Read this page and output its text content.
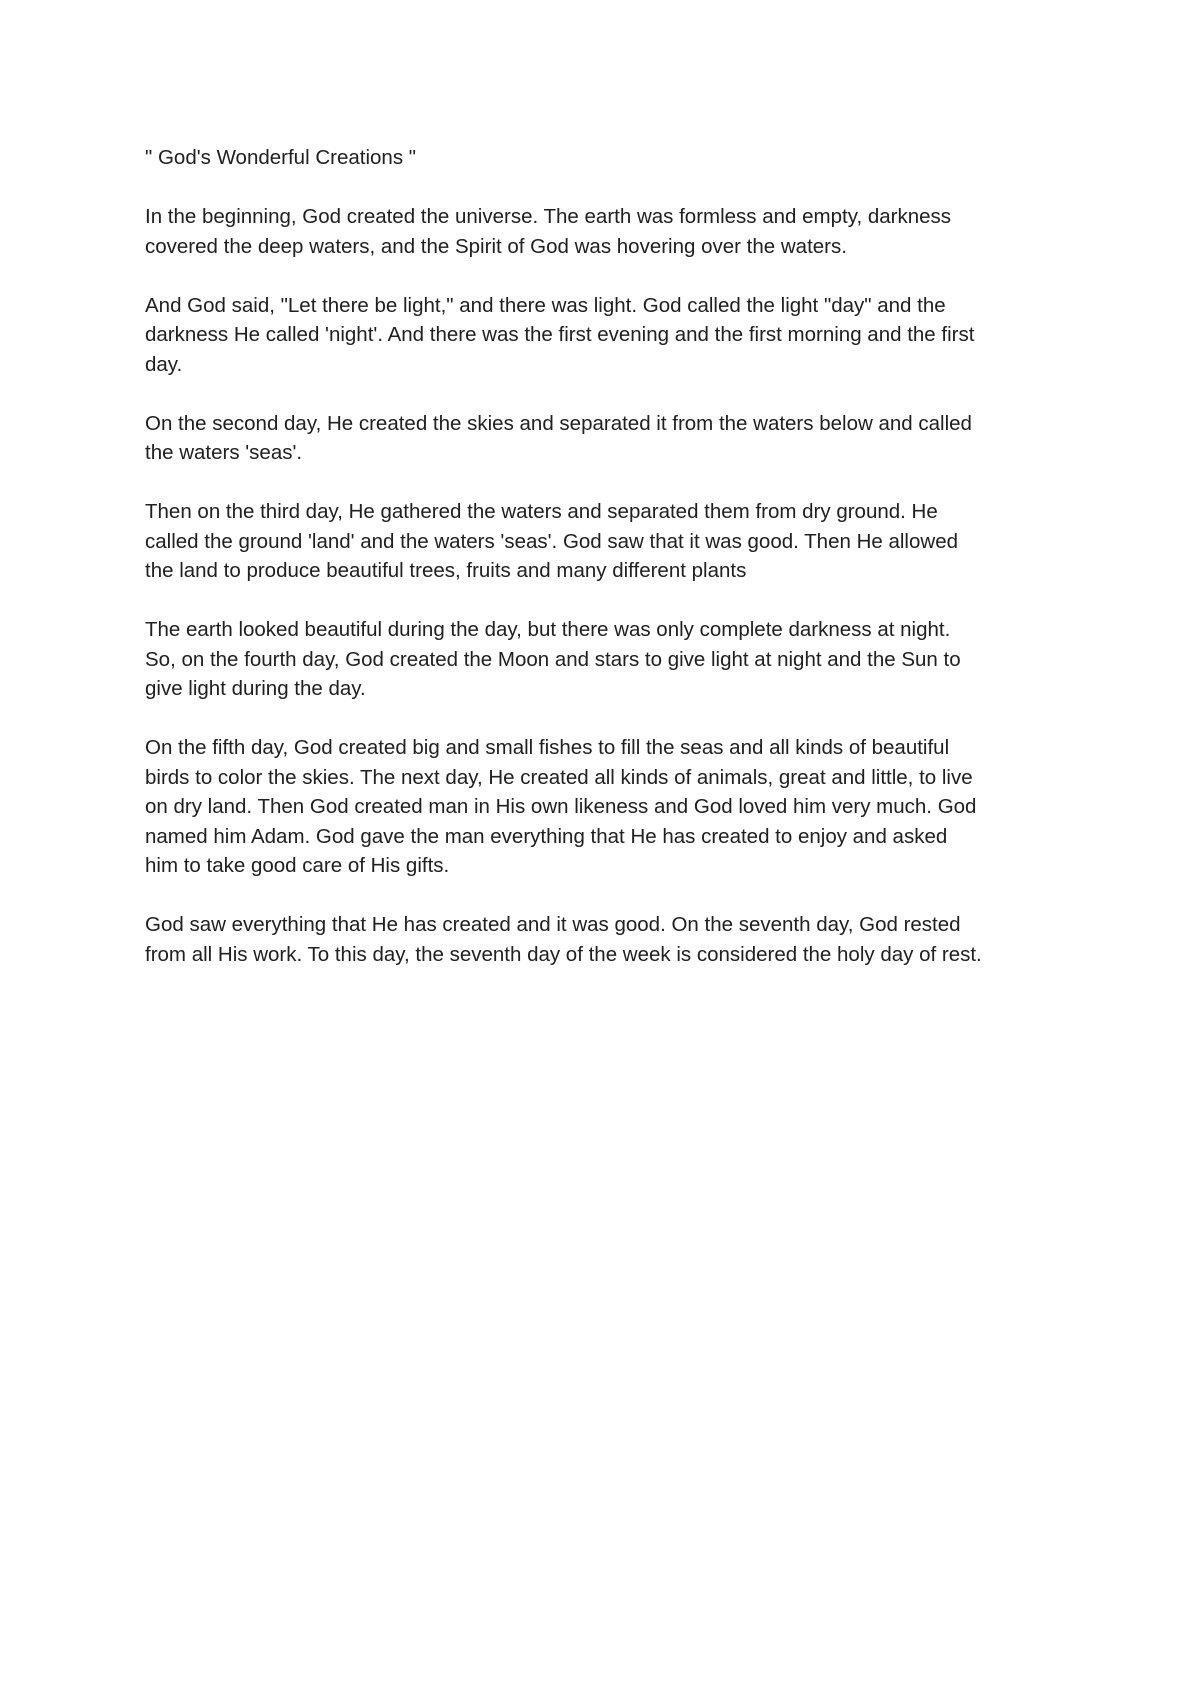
" God's Wonderful Creations "

In the beginning, God created the universe. The earth was formless and empty, darkness
covered the deep waters, and the Spirit of God was hovering over the waters.

And God said, "Let there be light," and there was light. God called the light "day" and the
darkness He called 'night'. And there was the first evening and the first morning and the first
day.

On the second day, He created the skies and separated it from the waters below and called
the waters 'seas'.

Then on the third day, He gathered the waters and separated them from dry ground. He
called the ground 'land' and the waters 'seas'. God saw that it was good. Then He allowed
the land to produce beautiful trees, fruits and many different plants

The earth looked beautiful during the day, but there was only complete darkness at night.
So, on the fourth day, God created the Moon and stars to give light at night and the Sun to
give light during the day.

On the fifth day, God created big and small fishes to fill the seas and all kinds of beautiful
birds to color the skies. The next day, He created all kinds of animals, great and little, to live
on dry land. Then God created man in His own likeness and God loved him very much. God
named him Adam. God gave the man everything that He has created to enjoy and asked
him to take good care of His gifts.

God saw everything that He has created and it was good. On the seventh day, God rested
from all His work. To this day, the seventh day of the week is considered the holy day of rest.
